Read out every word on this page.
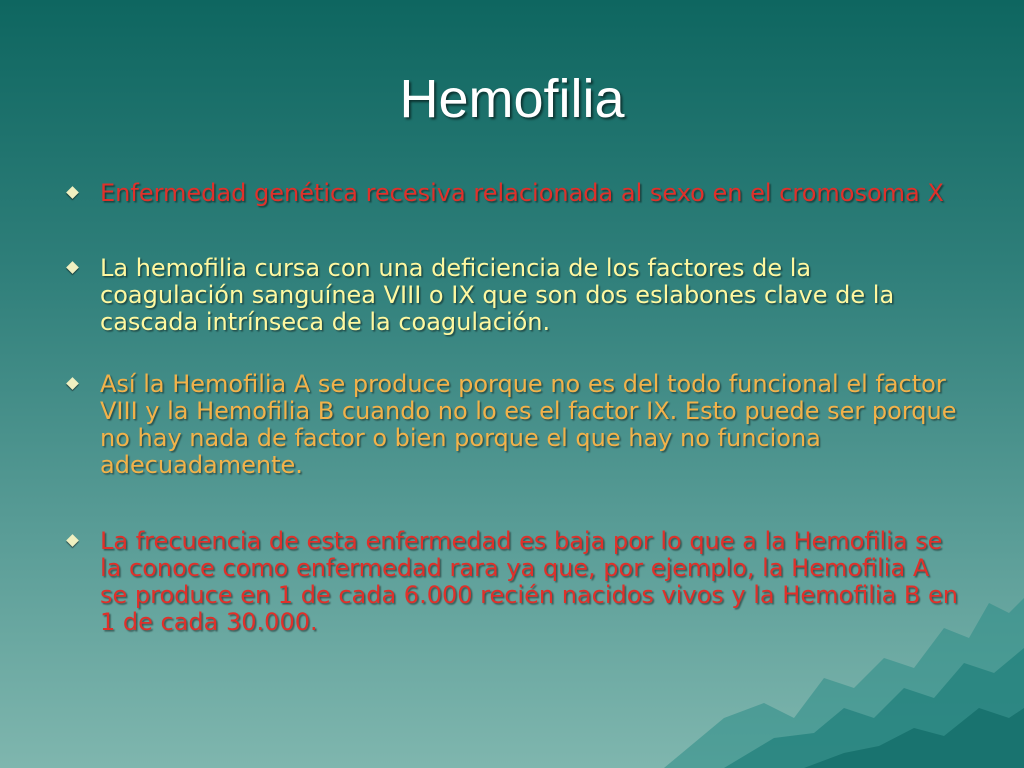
Hemofilia
Enfermedad genética recesiva relacionada al sexo en el cromosoma X
La hemofilia cursa con una deficiencia de los factores de la coagulación sanguínea VIII o IX que son dos eslabones clave de la cascada intrínseca de la coagulación.
Así la Hemofilia A se produce porque no es del todo funcional el factor VIII y la Hemofilia B cuando no lo es el factor IX. Esto puede ser porque no hay nada de factor o bien porque el que hay no funciona adecuadamente.
La frecuencia de esta enfermedad es baja por lo que a la Hemofilia se la conoce como enfermedad rara ya que, por ejemplo, la Hemofilia A se produce en 1 de cada 6.000 recién nacidos vivos y la Hemofilia B en 1 de cada 30.000.
